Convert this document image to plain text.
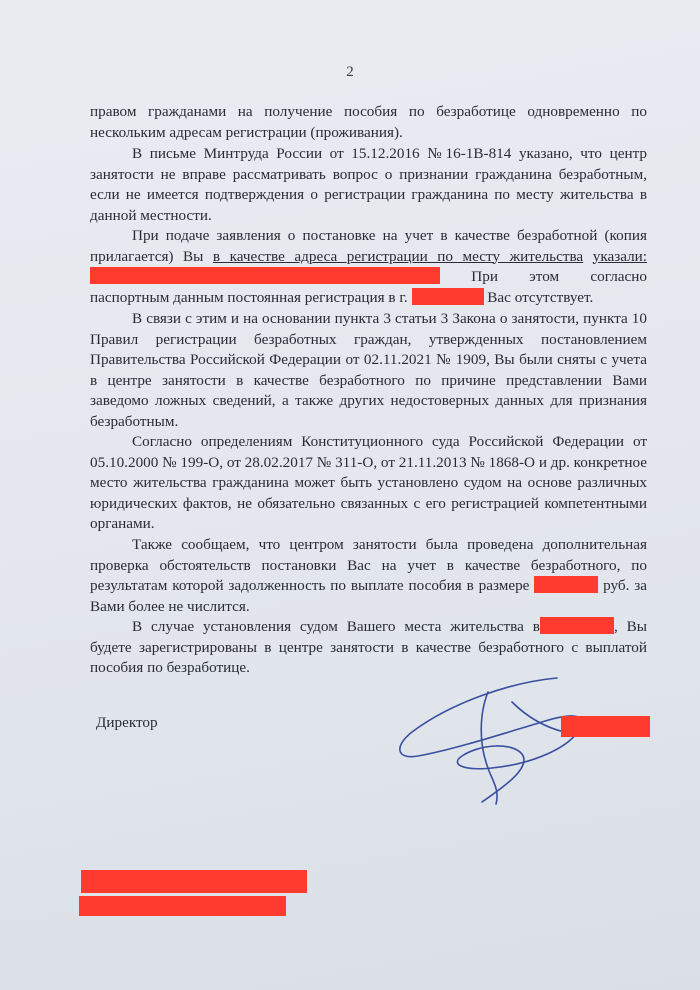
2

правом гражданами на получение пособия по безработице одновременно по нескольким адресам регистрации (проживания).

В письме Минтруда России от 15.12.2016 №16-1В-814 указано, что центр занятости не вправе рассматривать вопрос о признании гражданина безработным, если не имеется подтверждения о регистрации гражданина по месту жительства в данной местности.

При подаче заявления о постановке на учет в качестве безработной (копия прилагается) Вы в качестве адреса регистрации по месту жительства указали:  При этом согласно паспортным данным постоянная регистрация в г.	Вас отсутствует.

В связи с этим и на основании пункта 3 статьи 3 Закона о занятости, пункта 10 Правил регистрации безработных граждан, утвержденных постановлением Правительства Российской Федерации от 02.11.2021 № 1909, Вы были сняты с учета в центре занятости в качестве безработного по причине представлении Вами заведомо ложных сведений, а также других недостоверных данных для признания безработным.

Согласно определениям Конституционного суда Российской Федерации от 05.10.2000 № 199-О, от 28.02.2017 № 311-О, от 21.11.2013 № 1868-О и др. конкретное место жительства гражданина может быть установлено судом на основе различных юридических фактов, не обязательно связанных с его регистрацией компетентными органами.

Также сообщаем, что центром занятости была проведена дополнительная проверка обстоятельств постановки Вас на учет в качестве безработного, по результатам которой задолженность по выплате пособия в размере	руб. за Вами более не числится.

В случае установления судом Вашего места жительства в	, Вы будете зарегистрированы в центре занятости в качестве безработного с выплатой пособия по безработице.

Директор
